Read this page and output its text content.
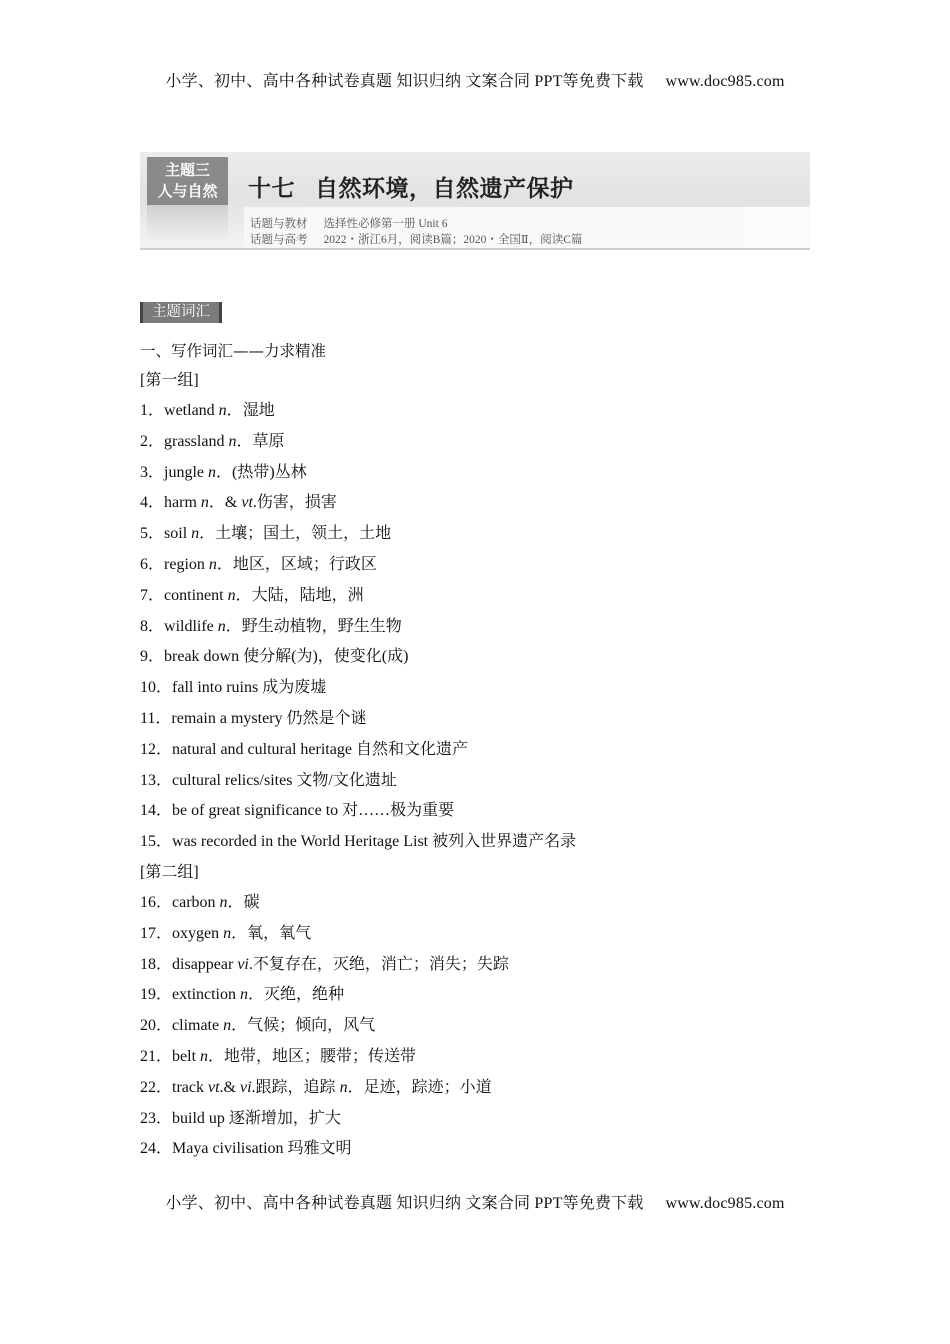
小学、初中、高中各种试卷真题 知识归纳 文案合同 PPT等免费下载 www.doc985.com
主题三
人与自然	十七 自然环境，自然遗产保护
话题与教材 选择性必修第一册 Unit 6
话题与高考 2022・浙江6月，阅读B篇；2020・全国Ⅱ，阅读C篇
主题词汇
一、写作词汇——力求精准
[第一组]
1．wetland n．湿地
2．grassland n．草原
3．jungle n．(热带)丛林
4．harm n．& vt.伤害，损害
5．soil n．土壤；国土，领土，土地
6．region n．地区，区域；行政区
7．continent n．大陆，陆地，洲
8．wildlife n．野生动植物，野生生物
9．break down 使分解(为)，使变化(成)
10．fall into ruins 成为废墟
11．remain a mystery 仍然是个谜
12．natural and cultural heritage 自然和文化遗产
13．cultural relics/sites 文物/文化遗址
14．be of great significance to 对……极为重要
15．was recorded in the World Heritage List 被列入世界遗产名录
[第二组]
16．carbon n．碳
17．oxygen n．氧，氧气
18．disappear vi.不复存在，灭绝，消亡；消失；失踪
19．extinction n．灭绝，绝种
20．climate n．气候；倾向，风气
21．belt n．地带，地区；腰带；传送带
22．track vt.& vi.跟踪，追踪 n．足迹，踪迹；小道
23．build up 逐渐增加，扩大
24．Maya civilisation 玛雅文明
小学、初中、高中各种试卷真题 知识归纳 文案合同 PPT等免费下载 www.doc985.com
